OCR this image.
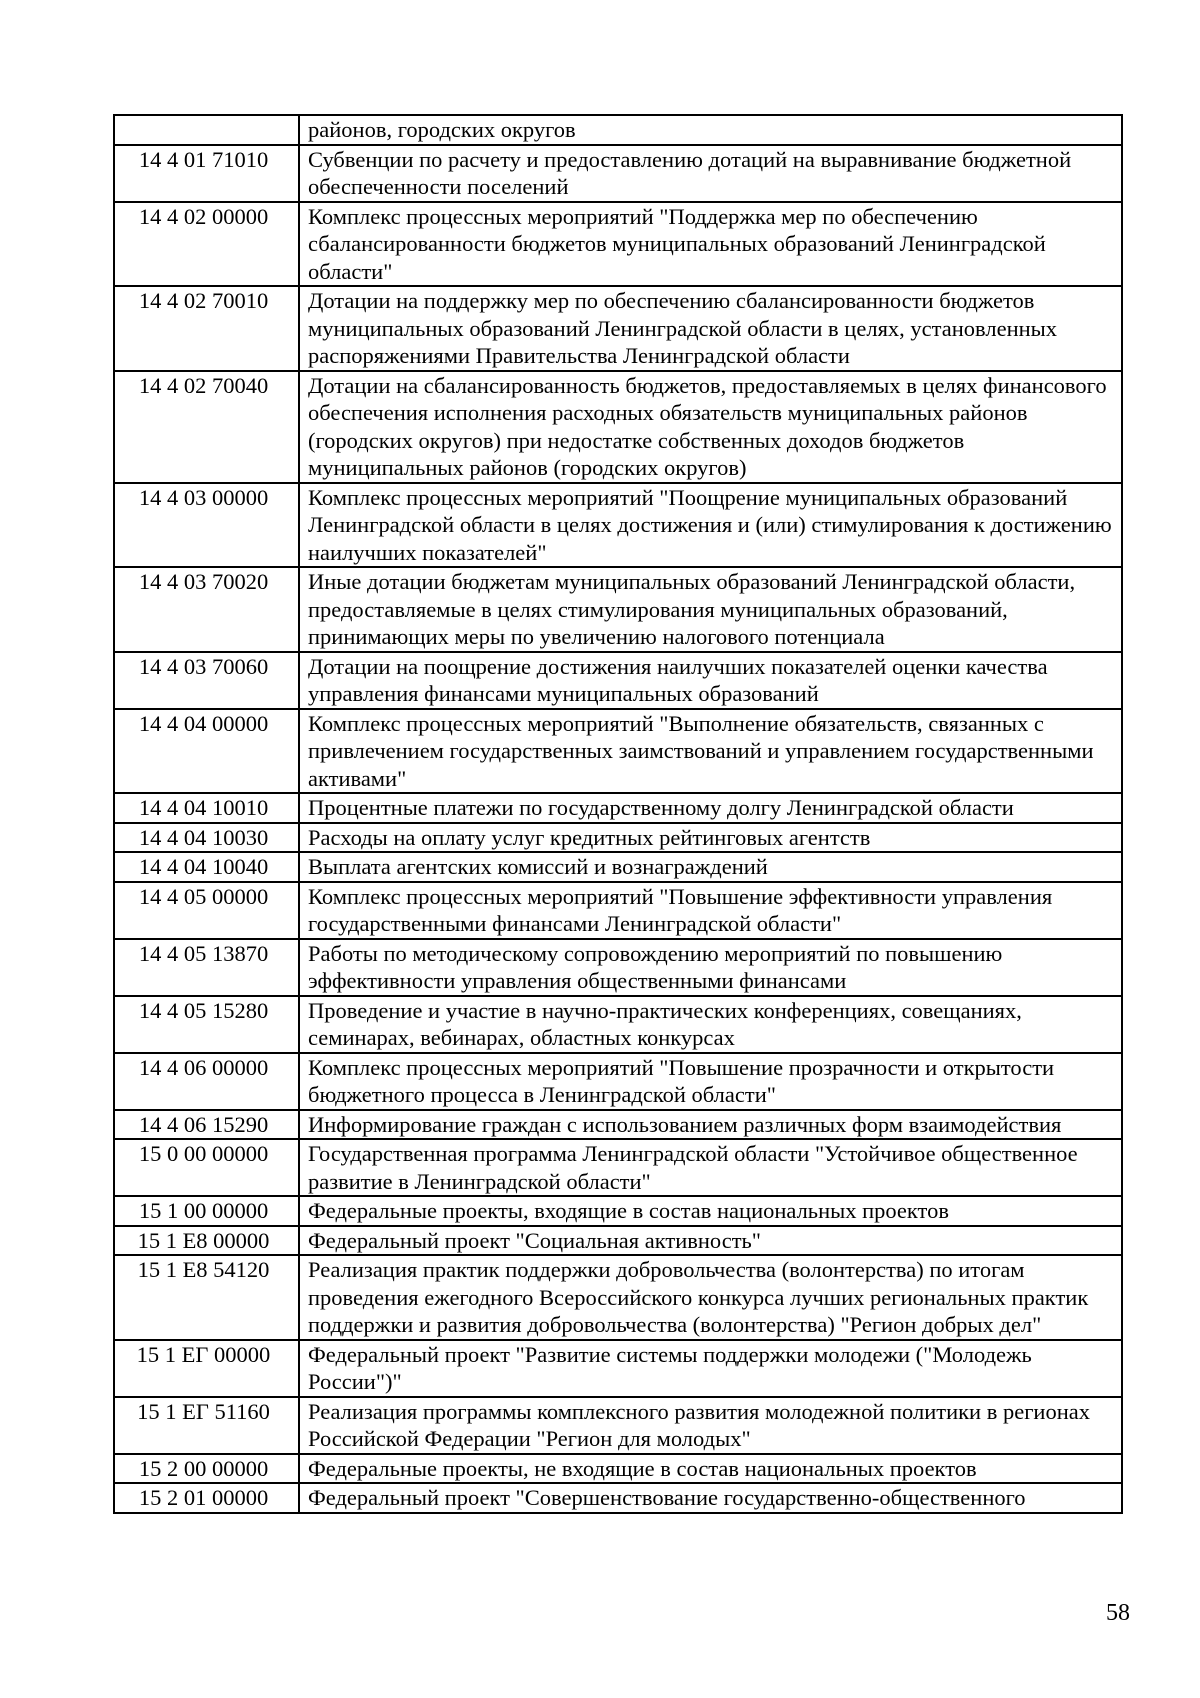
	районов, городских округов
14 4 01 71010	Субвенции по расчету и предоставлению дотаций на выравнивание бюджетной обеспеченности поселений
14 4 02 00000	Комплекс процессных мероприятий "Поддержка мер по обеспечению сбалансированности бюджетов муниципальных образований Ленинградской области"
14 4 02 70010	Дотации на поддержку мер по обеспечению сбалансированности бюджетов муниципальных образований Ленинградской области в целях, установленных распоряжениями Правительства Ленинградской области
14 4 02 70040	Дотации на сбалансированность бюджетов, предоставляемых в целях финансового обеспечения исполнения расходных обязательств муниципальных районов (городских округов) при недостатке собственных доходов бюджетов муниципальных районов (городских округов)
14 4 03 00000	Комплекс процессных мероприятий "Поощрение муниципальных образований Ленинградской области в целях достижения и (или) стимулирования к достижению наилучших показателей"
14 4 03 70020	Иные дотации бюджетам муниципальных образований Ленинградской области, предоставляемые в целях стимулирования муниципальных образований, принимающих меры по увеличению налогового потенциала
14 4 03 70060	Дотации на поощрение достижения наилучших показателей оценки качества управления финансами муниципальных образований
14 4 04 00000	Комплекс процессных мероприятий "Выполнение обязательств, связанных с привлечением государственных заимствований и управлением государственными активами"
14 4 04 10010	Процентные платежи по государственному долгу Ленинградской области
14 4 04 10030	Расходы на оплату услуг кредитных рейтинговых агентств
14 4 04 10040	Выплата агентских комиссий и вознаграждений
14 4 05 00000	Комплекс процессных мероприятий "Повышение эффективности управления государственными финансами Ленинградской области"
14 4 05 13870	Работы по методическому сопровождению мероприятий по повышению эффективности управления общественными финансами
14 4 05 15280	Проведение и участие в научно-практических конференциях, совещаниях, семинарах, вебинарах, областных конкурсах
14 4 06 00000	Комплекс процессных мероприятий "Повышение прозрачности и открытости бюджетного процесса в Ленинградской области"
14 4 06 15290	Информирование граждан с использованием различных форм взаимодействия
15 0 00 00000	Государственная программа Ленинградской области "Устойчивое общественное развитие в Ленинградской области"
15 1 00 00000	Федеральные проекты, входящие в состав национальных проектов
15 1 E8 00000	Федеральный проект "Социальная активность"
15 1 E8 54120	Реализация практик поддержки добровольчества (волонтерства) по итогам проведения ежегодного Всероссийского конкурса лучших региональных практик поддержки и развития добровольчества (волонтерства) "Регион добрых дел"
15 1 ЕГ 00000	Федеральный проект "Развитие системы поддержки молодежи ("Молодежь России")"
15 1 ЕГ 51160	Реализация программы комплексного развития молодежной политики в регионах Российской Федерации "Регион для молодых"
15 2 00 00000	Федеральные проекты, не входящие в состав национальных проектов
15 2 01 00000	Федеральный проект "Совершенствование государственно-общественного
58
